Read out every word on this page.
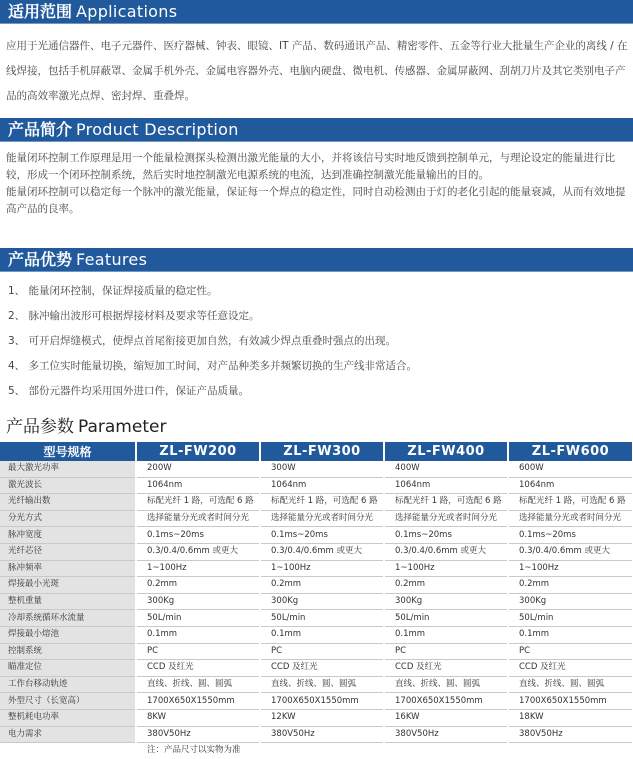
适用范围 Applications

应用于光通信器件、电子元器件、医疗器械、钟表、眼镜、IT 产品、数码通讯产品、精密零件、五金等行业大批量生产企业的离线 / 在线焊接，包括手机屏蔽罩、金属手机外壳、金属电容器外壳、电脑内硬盘、微电机、传感器、金属屏蔽网、刮胡刀片及其它类别电子产品的高效率激光点焊、密封焊、重叠焊。

产品简介 Product Description

能量闭环控制工作原理是用一个能量检测探头检测出激光能量的大小，并将该信号实时地反馈到控制单元，与理论设定的能量进行比较，形成一个闭环控制系统，然后实时地控制激光电源系统的电流，达到准确控制激光能量输出的目的。

能量闭环控制可以稳定每一个脉冲的激光能量，保证每一个焊点的稳定性，同时自动检测由于灯的老化引起的能量衰减，从而有效地提高产品的良率。

产品优势 Features
1、 能量闭环控制，保证焊接质量的稳定性。
2、 脉冲输出波形可根据焊接材料及要求等任意设定。
3、 可开启焊缝模式，使焊点首尾衔接更加自然，有效减少焊点重叠时强点的出现。
4、 多工位实时能量切换，缩短加工时间，对产品种类多并频繁切换的生产线非常适合。
5、 部份元器件均采用国外进口件，保证产品质量。
产品参数 Parameter
型号规格	ZL-FW200	ZL-FW300	ZL-FW400	ZL-FW600
最大激光功率	200W	300W	400W	600W
激光波长	1064nm	1064nm	1064nm	1064nm
光纤输出数	标配光纤 1 路，可选配 6 路	标配光纤 1 路，可选配 6 路	标配光纤 1 路，可选配 6 路	标配光纤 1 路，可选配 6 路
分光方式	选择能量分光或者时间分光	选择能量分光或者时间分光	选择能量分光或者时间分光	选择能量分光或者时间分光
脉冲宽度	0.1ms~20ms	0.1ms~20ms	0.1ms~20ms	0.1ms~20ms
光纤芯径	0.3/0.4/0.6mm 或更大	0.3/0.4/0.6mm 或更大	0.3/0.4/0.6mm 或更大	0.3/0.4/0.6mm 或更大
脉冲频率	1~100Hz	1~100Hz	1~100Hz	1~100Hz
焊接最小光斑	0.2mm	0.2mm	0.2mm	0.2mm
整机重量	300Kg	300Kg	300Kg	300Kg
冷却系统循环水流量	50L/min	50L/min	50L/min	50L/min
焊接最小熔池	0.1mm	0.1mm	0.1mm	0.1mm
控制系统	PC	PC	PC	PC
瞄准定位	CCD 及红光	CCD 及红光	CCD 及红光	CCD 及红光
工作台移动轨迹	直线、折线、圆、圆弧	直线、折线、圆、圆弧	直线、折线、圆、圆弧	直线、折线、圆、圆弧
外型尺寸（长宽高）	1700X650X1550mm	1700X650X1550mm	1700X650X1550mm	1700X650X1550mm
整机耗电功率	8KW	12KW	16KW	18KW
电力需求	380V50Hz	380V50Hz	380V50Hz	380V50Hz
	注：产品尺寸以实物为准			
